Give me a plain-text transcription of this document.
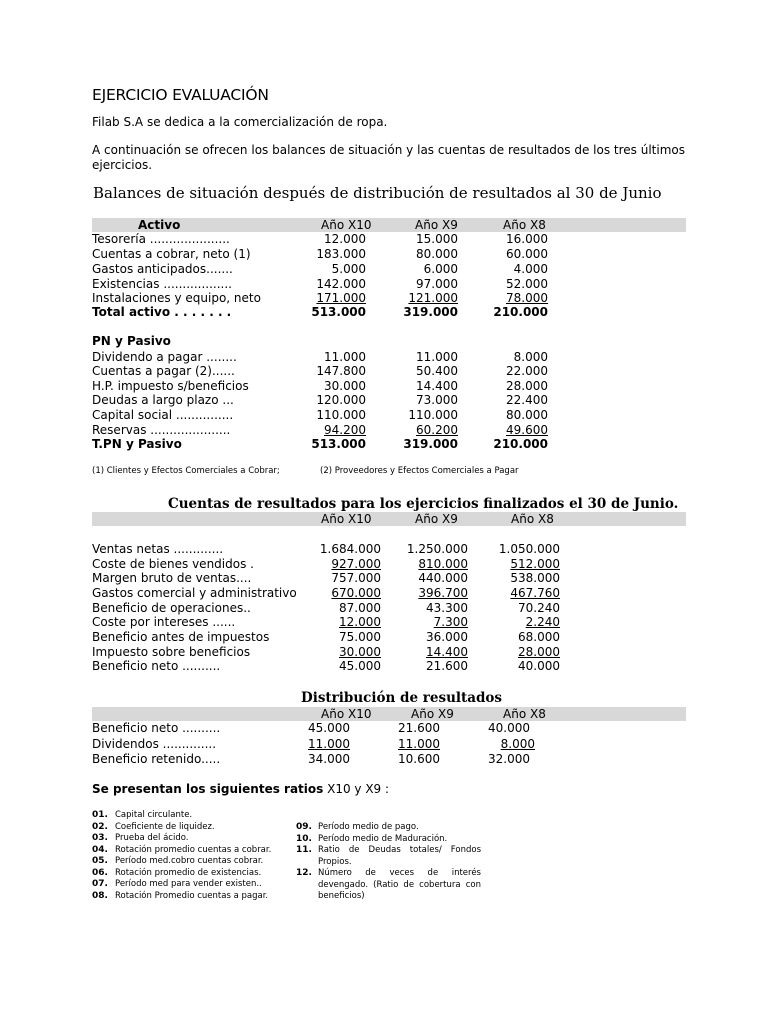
EJERCICIO EVALUACIÓN
Filab S.A se dedica a la comercialización de ropa.
A continuación se ofrecen los balances de situación y las cuentas de resultados de los tres últimos ejercicios.
Balances de situación después de distribución de resultados al 30 de Junio
Activo	Año X10	Año X9	Año X8
Tesorería .....................	12.000	15.000	16.000
Cuentas a cobrar, neto (1)	183.000	80.000	60.000
Gastos anticipados.......	5.000	6.000	4.000
Existencias ..................	142.000	97.000	52.000
Instalaciones y equipo, neto	171.000	121.000	78.000
Total activo . . . . . . .	513.000	319.000	210.000
PN y Pasivo
Dividendo a pagar ........	11.000	11.000	8.000
Cuentas a pagar (2)......	147.800	50.400	22.000
H.P. impuesto s/beneficios	30.000	14.400	28.000
Deudas a largo plazo ...	120.000	73.000	22.400
Capital social ...............	110.000	110.000	80.000
Reservas .....................	94.200	60.200	49.600
T.PN y Pasivo	513.000	319.000	210.000
(1) Clientes y Efectos Comerciales a Cobrar;	(2) Proveedores y Efectos Comerciales a Pagar
Cuentas de resultados para los ejercicios finalizados el 30 de Junio.
Año X10	Año X9	Año X8
Ventas netas .............	1.684.000	1.250.000	1.050.000
Coste de bienes vendidos .	927.000	810.000	512.000
Margen bruto de ventas....	757.000	440.000	538.000
Gastos comercial y administrativo	670.000	396.700	467.760
Beneficio de operaciones..	87.000	43.300	70.240
Coste por intereses ......	12.000	7.300	2.240
Beneficio antes de impuestos	75.000	36.000	68.000
Impuesto sobre beneficios	30.000	14.400	28.000
Beneficio neto ..........	45.000	21.600	40.000
Distribución de resultados
Año X10	Año X9	Año X8
Beneficio neto ..........	45.000	21.600	40.000
Dividendos ..............	11.000	11.000	8.000
Beneficio retenido.....	34.000	10.600	32.000
Se presentan los siguientes ratios X10 y X9 :
01. Capital circulante.
02. Coeficiente de liquidez.
03. Prueba del ácido.
04. Rotación promedio cuentas a cobrar.
05. Período med.cobro cuentas cobrar.
06. Rotación promedio de existencias.
07. Período med para vender existen..
08. Rotación Promedio cuentas a pagar.
09. Período medio de pago.
10. Período medio de Maduración.
11. Ratio de Deudas totales/ Fondos Propios.
12. Número de veces de interés devengado. (Ratio de cobertura con beneficios)
